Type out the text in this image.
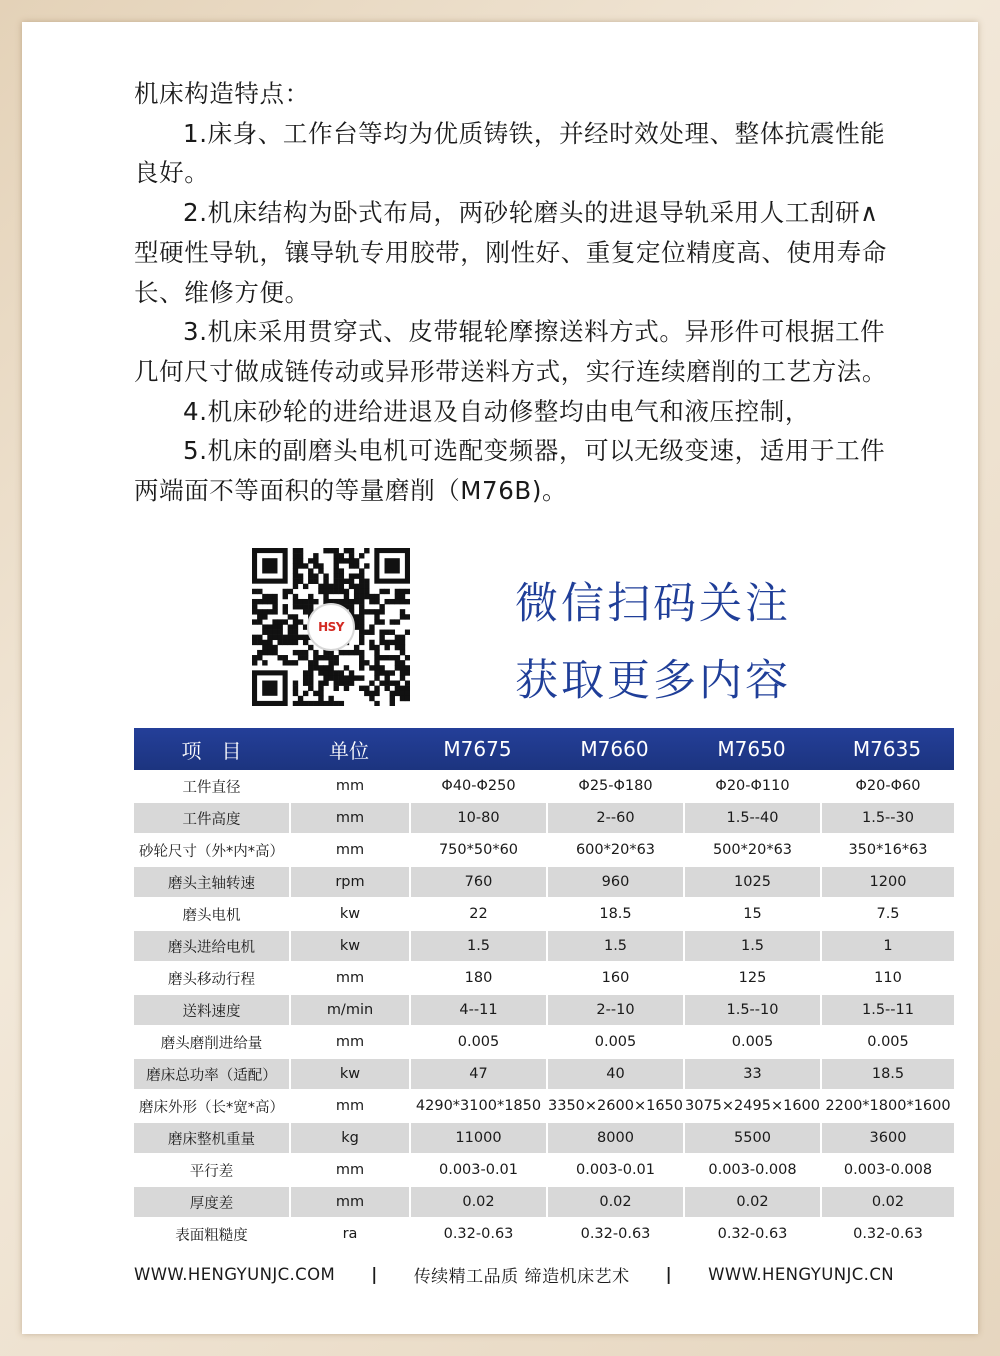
机床构造特点：

1.床身、工作台等均为优质铸铁，并经时效处理、整体抗震性能良好。

2.机床结构为卧式布局，两砂轮磨头的进退导轨采用人工刮研∧型硬性导轨，镶导轨专用胶带，刚性好、重复定位精度高、使用寿命长、维修方便。

3.机床采用贯穿式、皮带辊轮摩擦送料方式。异形件可根据工件几何尺寸做成链传动或异形带送料方式，实行连续磨削的工艺方法。

4.机床砂轮的进给进退及自动修整均由电气和液压控制，

5.机床的副磨头电机可选配变频器，可以无级变速，适用于工件两端面不等面积的等量磨削（M76B)。

HSY	微信扫码关注
获取更多内容
项　目	单位	M7675	M7660	M7650	M7635
工件直径	mm	Φ40-Φ250	Φ25-Φ180	Φ20-Φ110	Φ20-Φ60
工件高度	mm	10-80	2--60	1.5--40	1.5--30
砂轮尺寸（外*内*高）	mm	750*50*60	600*20*63	500*20*63	350*16*63
磨头主轴转速	rpm	760	960	1025	1200
磨头电机	kw	22	18.5	15	7.5
磨头进给电机	kw	1.5	1.5	1.5	1
磨头移动行程	mm	180	160	125	110
送料速度	m/min	4--11	2--10	1.5--10	1.5--11
磨头磨削进给量	mm	0.005	0.005	0.005	0.005
磨床总功率（适配）	kw	47	40	33	18.5
磨床外形（长*宽*高）	mm	4290*3100*1850	3350×2600×1650	3075×2495×1600	2200*1800*1600
磨床整机重量	kg	11000	8000	5500	3600
平行差	mm	0.003-0.01	0.003-0.01	0.003-0.008	0.003-0.008
厚度差	mm	0.02	0.02	0.02	0.02
表面粗糙度	ra	0.32-0.63	0.32-0.63	0.32-0.63	0.32-0.63
WWW.HENGYUNJC.COM | 传续精工品质 缔造机床艺术 | WWW.HENGYUNJC.CN
